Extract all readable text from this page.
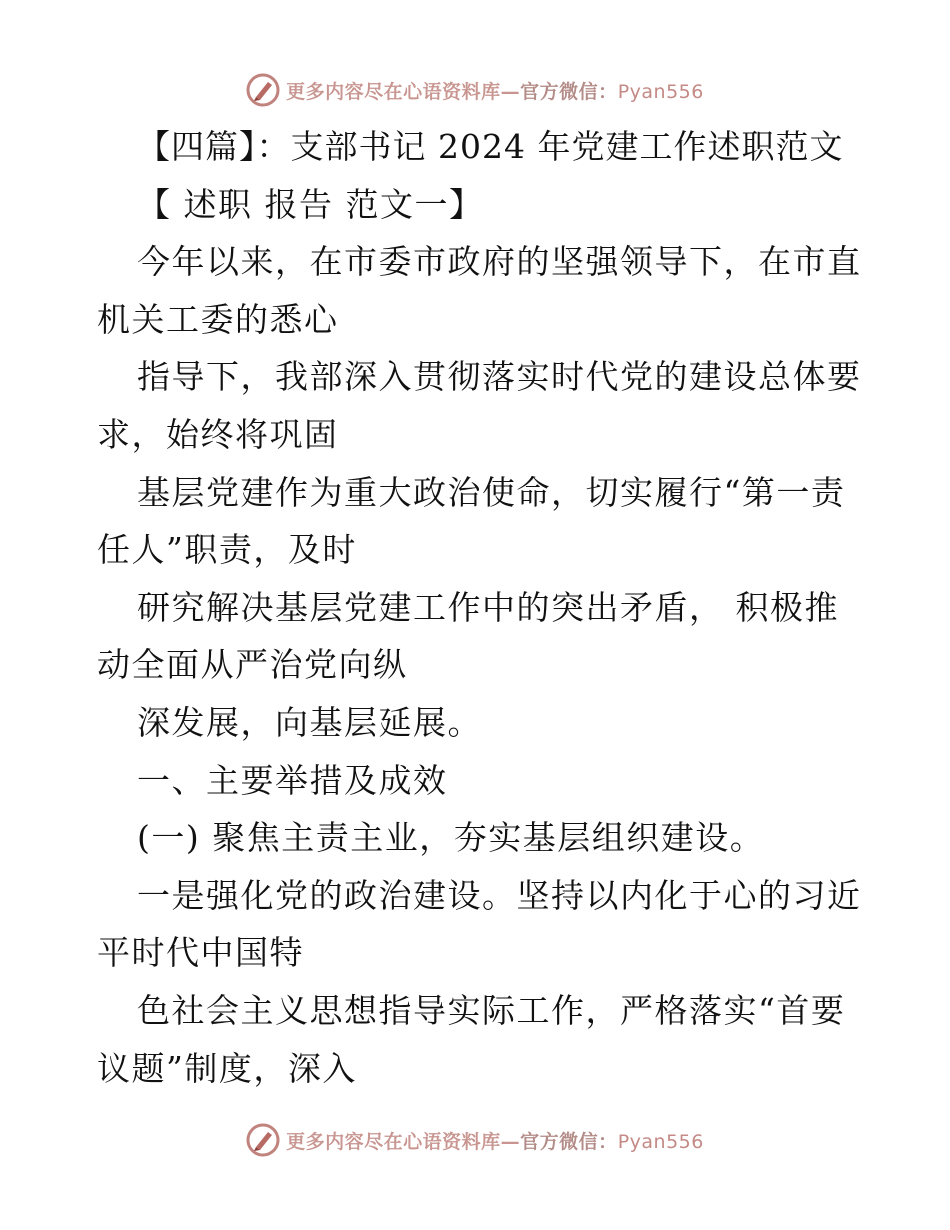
更多内容尽在心语资料库—官方微信：Pyan556
【四篇】：支部书记 2024 年党建工作述职范文
【 述职 报告 范文一】
今年以来，在市委市政府的坚强领导下，在市直
机关工委的悉心
指导下，我部深入贯彻落实时代党的建设总体要
求，始终将巩固
基层党建作为重大政治使命，切实履行“第一责
任人”职责，及时
研究解决基层党建工作中的突出矛盾， 积极推
动全面从严治党向纵
深发展，向基层延展。
一、主要举措及成效
(一) 聚焦主责主业，夯实基层组织建设。
一是强化党的政治建设。坚持以内化于心的习近
平时代中国特
色社会主义思想指导实际工作，严格落实“首要
议题”制度，深入
更多内容尽在心语资料库—官方微信：Pyan556
